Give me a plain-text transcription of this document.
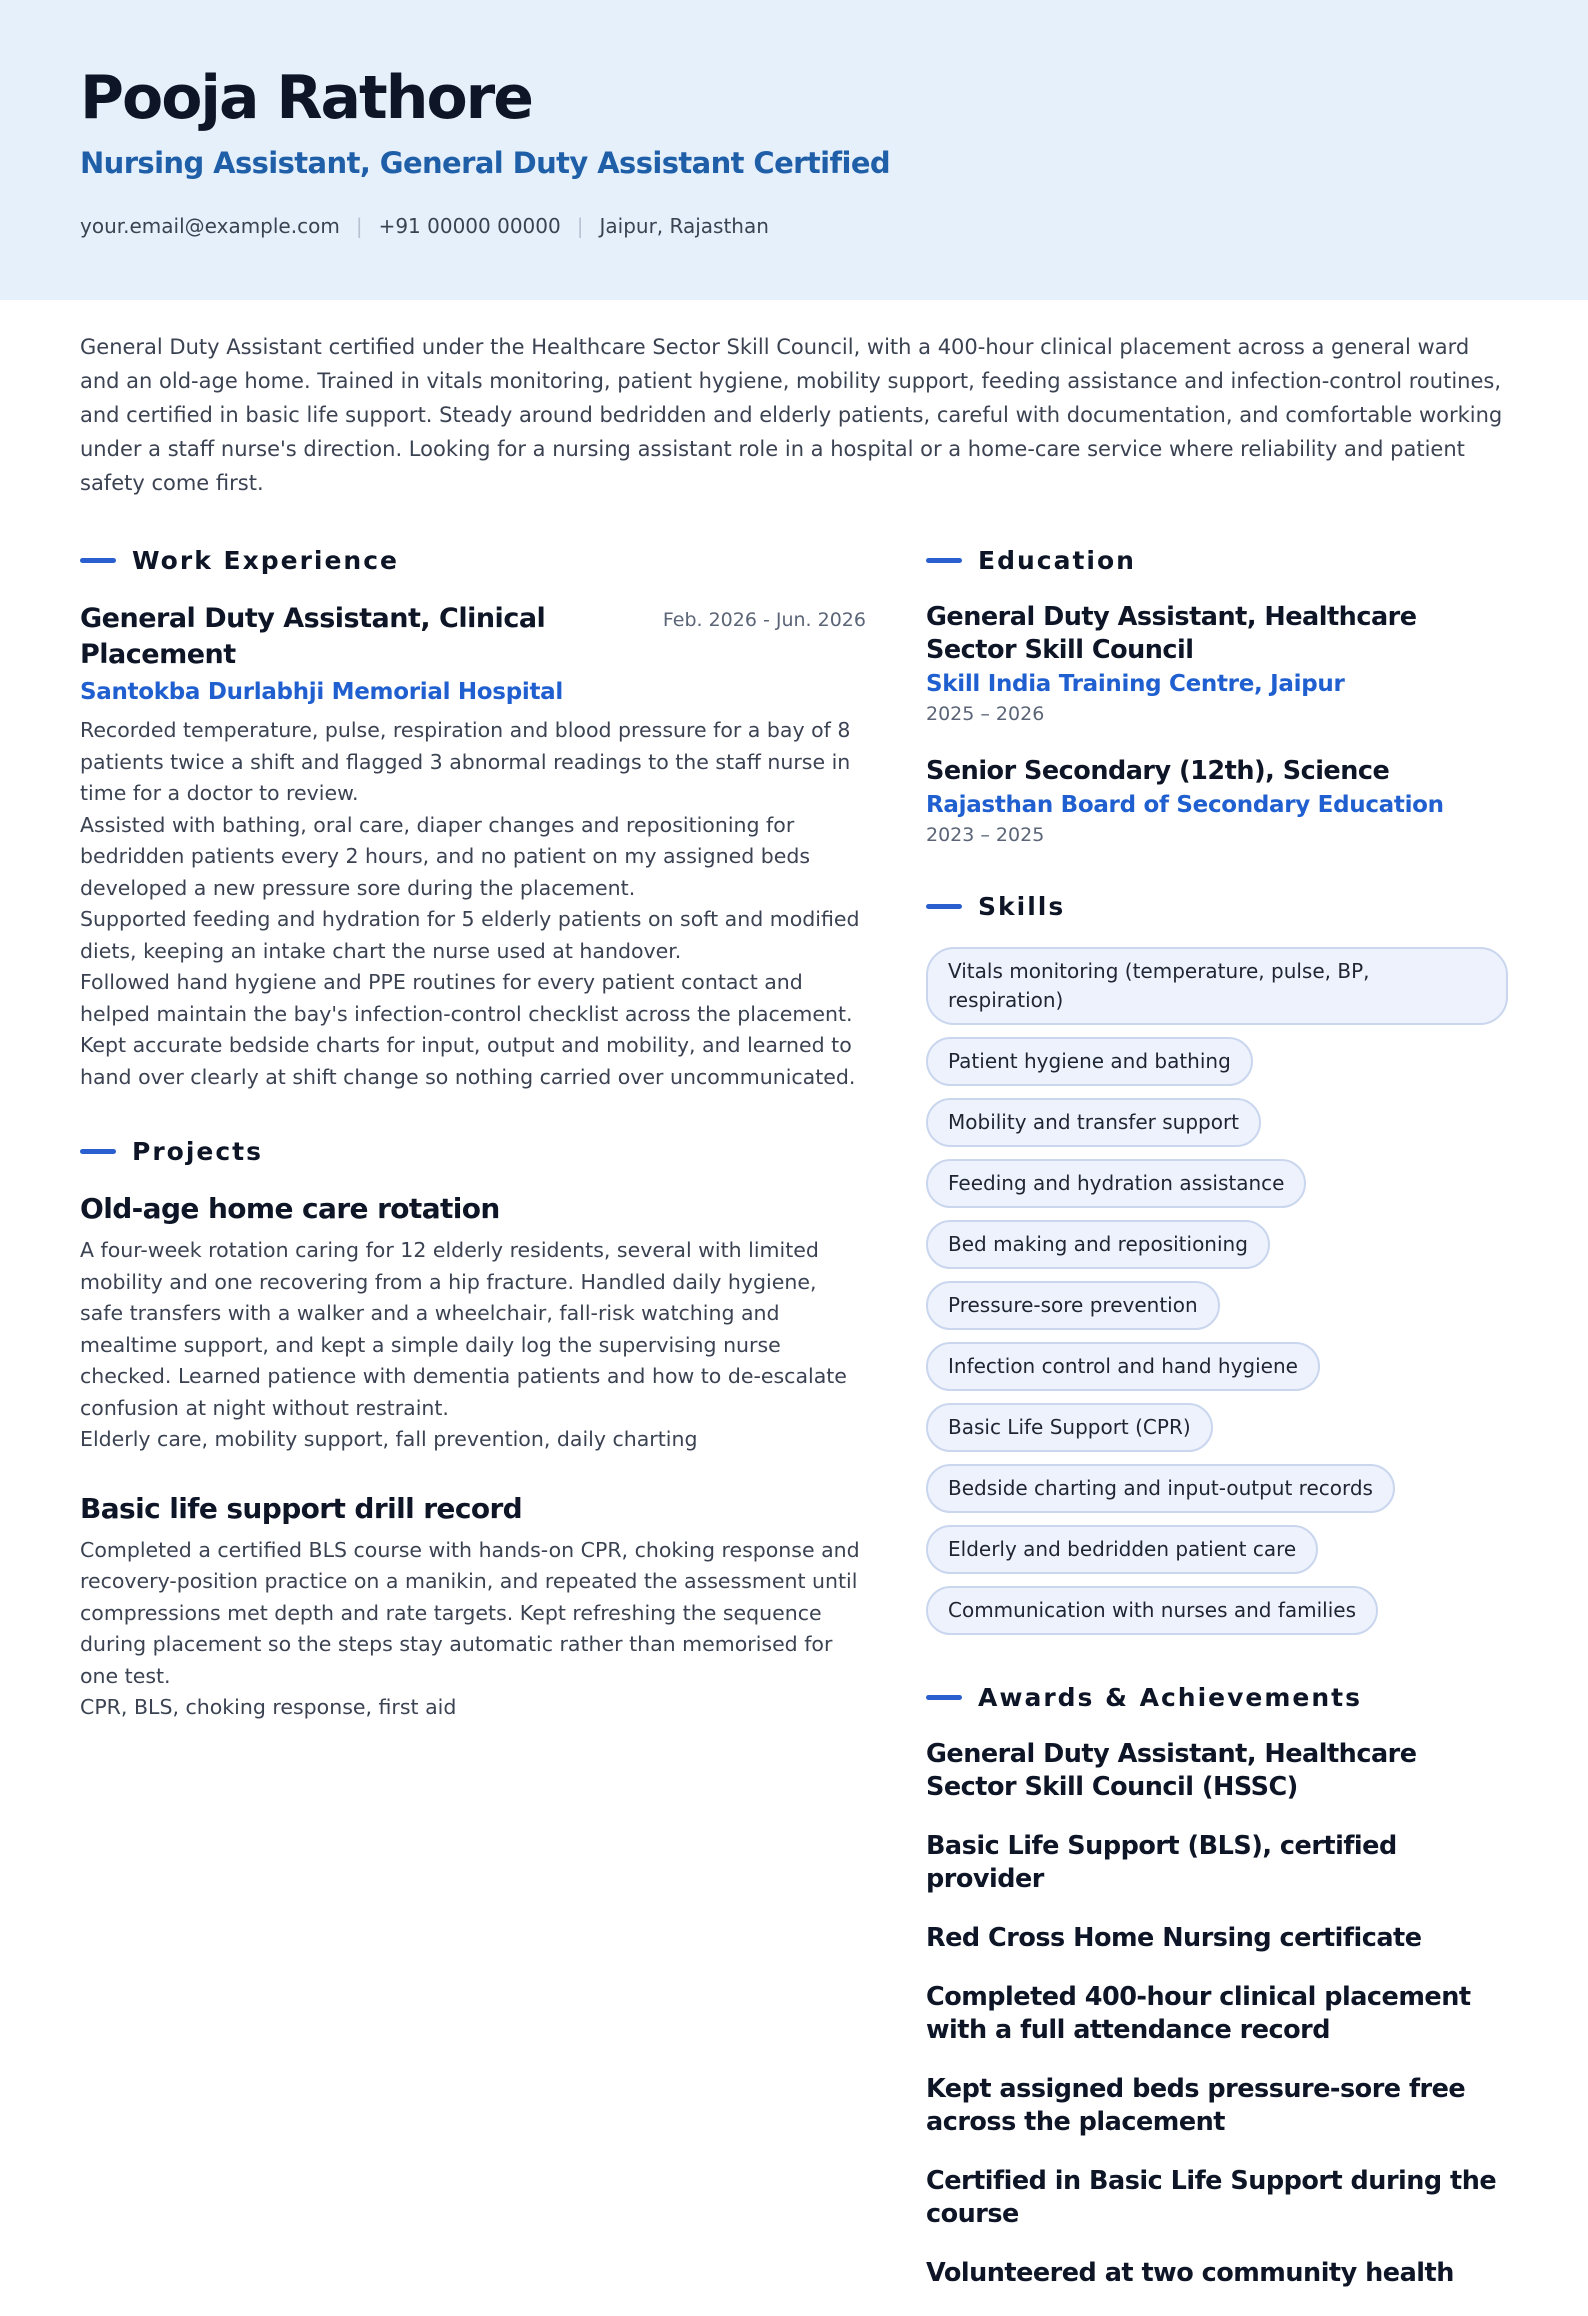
Pooja Rathore
Nursing Assistant, General Duty Assistant Certified
your.email@example.com | +91 00000 00000 | Jaipur, Rajasthan
General Duty Assistant certified under the Healthcare Sector Skill Council, with a 400-hour clinical placement across a general ward and an old-age home. Trained in vitals monitoring, patient hygiene, mobility support, feeding assistance and infection-control routines, and certified in basic life support. Steady around bedridden and elderly patients, careful with documentation, and comfortable working under a staff nurse's direction. Looking for a nursing assistant role in a hospital or a home-care service where reliability and patient safety come first.
Work Experience
General Duty Assistant, Clinical Placement
Feb. 2026 - Jun. 2026
Santokba Durlabhji Memorial Hospital
Recorded temperature, pulse, respiration and blood pressure for a bay of 8 patients twice a shift and flagged 3 abnormal readings to the staff nurse in time for a doctor to review.
Assisted with bathing, oral care, diaper changes and repositioning for bedridden patients every 2 hours, and no patient on my assigned beds developed a new pressure sore during the placement.
Supported feeding and hydration for 5 elderly patients on soft and modified diets, keeping an intake chart the nurse used at handover.
Followed hand hygiene and PPE routines for every patient contact and helped maintain the bay's infection-control checklist across the placement.
Kept accurate bedside charts for input, output and mobility, and learned to hand over clearly at shift change so nothing carried over uncommunicated.
Projects
Old-age home care rotation
A four-week rotation caring for 12 elderly residents, several with limited mobility and one recovering from a hip fracture. Handled daily hygiene, safe transfers with a walker and a wheelchair, fall-risk watching and mealtime support, and kept a simple daily log the supervising nurse checked. Learned patience with dementia patients and how to de-escalate confusion at night without restraint.
Elderly care, mobility support, fall prevention, daily charting
Basic life support drill record
Completed a certified BLS course with hands-on CPR, choking response and recovery-position practice on a manikin, and repeated the assessment until compressions met depth and rate targets. Kept refreshing the sequence during placement so the steps stay automatic rather than memorised for one test.
CPR, BLS, choking response, first aid
Education
General Duty Assistant, Healthcare Sector Skill Council
Skill India Training Centre, Jaipur
2025 – 2026
Senior Secondary (12th), Science
Rajasthan Board of Secondary Education
2023 – 2025
Skills
Vitals monitoring (temperature, pulse, BP, respiration)
Patient hygiene and bathing
Mobility and transfer support
Feeding and hydration assistance
Bed making and repositioning
Pressure-sore prevention
Infection control and hand hygiene
Basic Life Support (CPR)
Bedside charting and input-output records
Elderly and bedridden patient care
Communication with nurses and families
Awards & Achievements
General Duty Assistant, Healthcare Sector Skill Council (HSSC)
Basic Life Support (BLS), certified provider
Red Cross Home Nursing certificate
Completed 400-hour clinical placement with a full attendance record
Kept assigned beds pressure-sore free across the placement
Certified in Basic Life Support during the course
Volunteered at two community health
